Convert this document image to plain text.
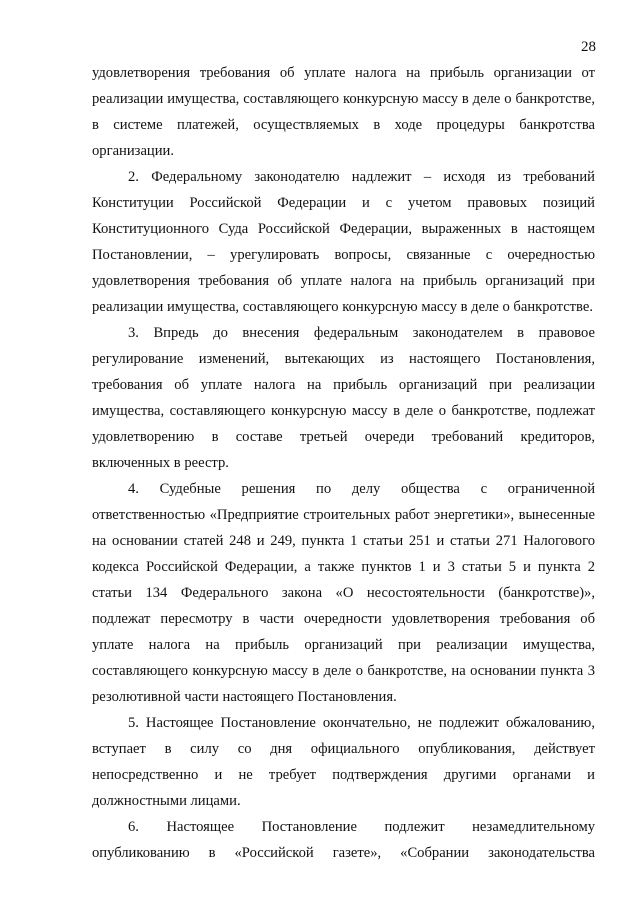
28
удовлетворения требования об уплате налога на прибыль организации от
реализации имущества, составляющего конкурсную массу в деле о банкротстве,
в системе платежей, осуществляемых в ходе процедуры банкротства
организации.
2. Федеральному законодателю надлежит – исходя из требований
Конституции Российской Федерации и с учетом правовых позиций
Конституционного Суда Российской Федерации, выраженных в настоящем
Постановлении, – урегулировать вопросы, связанные с очередностью
удовлетворения требования об уплате налога на прибыль организаций при
реализации имущества, составляющего конкурсную массу в деле о банкротстве.
3. Впредь до внесения федеральным законодателем в правовое
регулирование изменений, вытекающих из настоящего Постановления,
требования об уплате налога на прибыль организаций при реализации
имущества, составляющего конкурсную массу в деле о банкротстве, подлежат
удовлетворению в составе третьей очереди требований кредиторов,
включенных в реестр.
4. Судебные решения по делу общества с ограниченной
ответственностью «Предприятие строительных работ энергетики», вынесенные
на основании статей 248 и 249, пункта 1 статьи 251 и статьи 271 Налогового
кодекса Российской Федерации, а также пунктов 1 и 3 статьи 5 и пункта 2
статьи 134 Федерального закона «О несостоятельности (банкротстве)»,
подлежат пересмотру в части очередности удовлетворения требования об
уплате налога на прибыль организаций при реализации имущества,
составляющего конкурсную массу в деле о банкротстве, на основании пункта 3
резолютивной части настоящего Постановления.
5. Настоящее Постановление окончательно, не подлежит обжалованию,
вступает в силу со дня официального опубликования, действует
непосредственно и не требует подтверждения другими органами и
должностными лицами.
6. Настоящее Постановление подлежит незамедлительному
опубликованию в «Российской газете», «Собрании законодательства
